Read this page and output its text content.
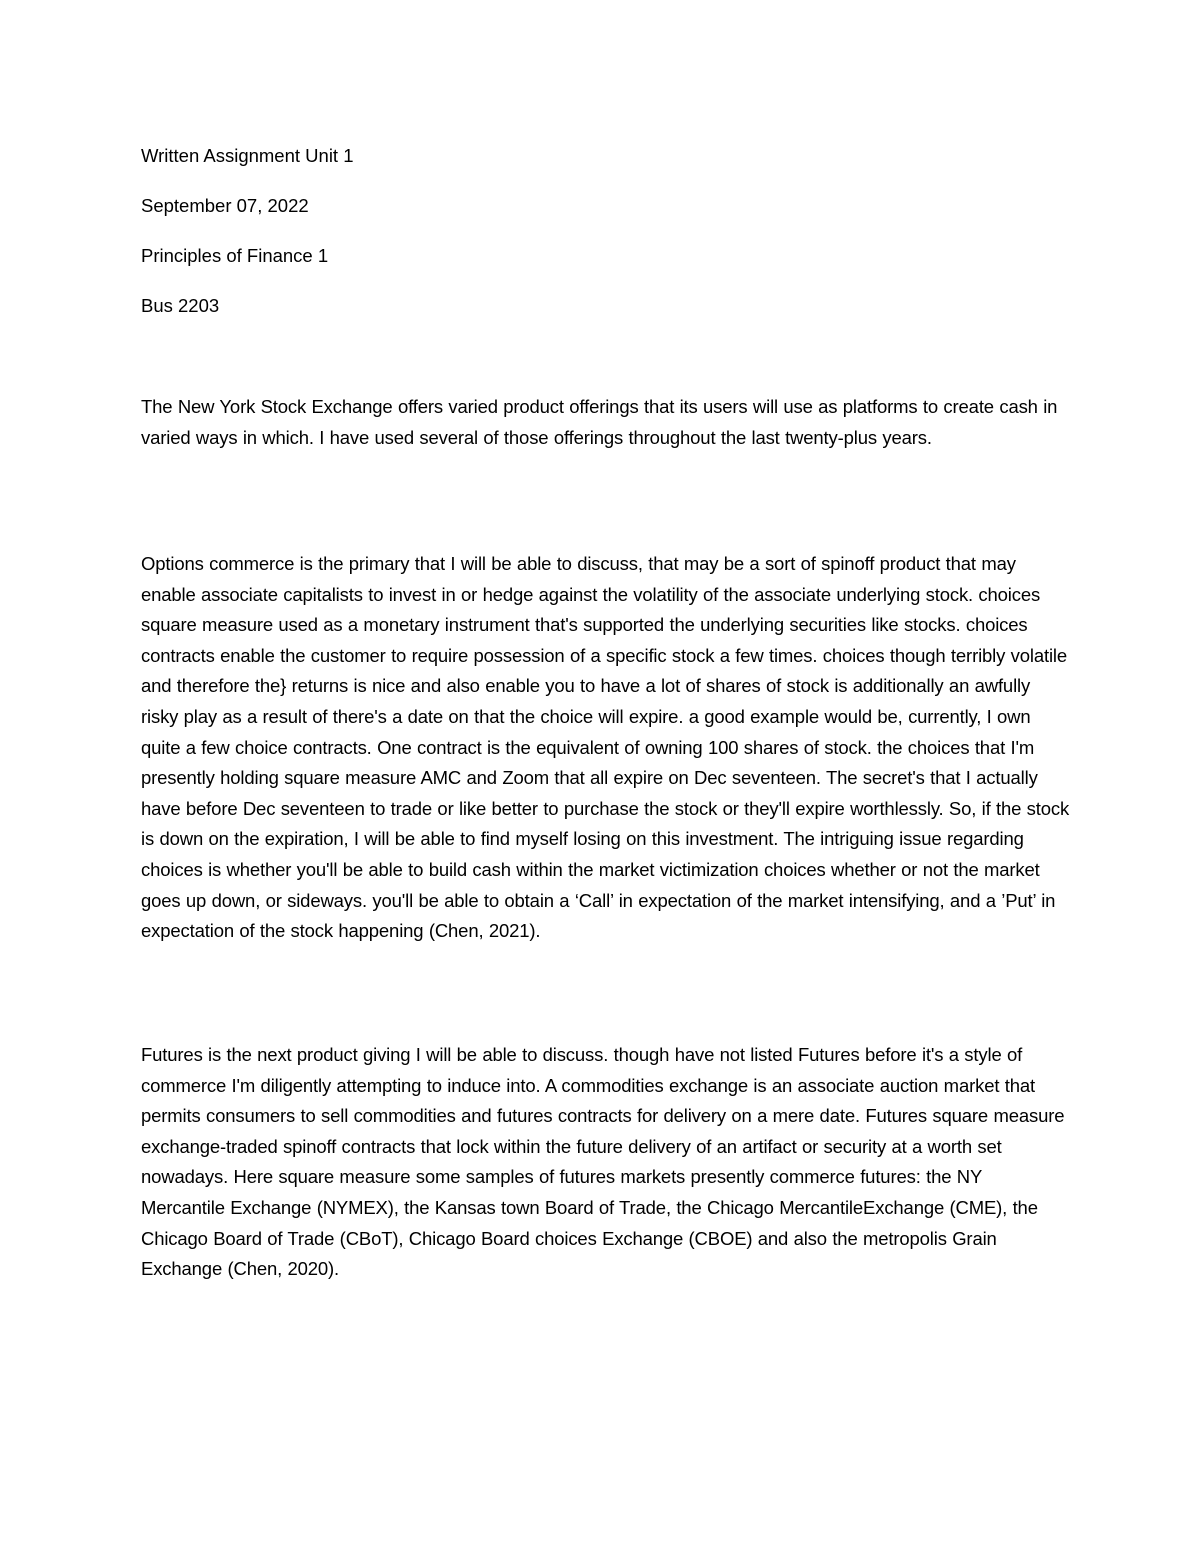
Written Assignment Unit 1

September 07, 2022

Principles of Finance 1

Bus 2203

The New York Stock Exchange offers varied product offerings that its users will use as platforms to create cash in varied ways in which. I have used several of those offerings throughout the last twenty-plus years.

Options commerce is the primary that I will be able to discuss, that may be a sort of spinoff product that may enable associate capitalists to invest in or hedge against the volatility of the associate underlying stock. choices square measure used as a monetary instrument that's supported the underlying securities like stocks. choices contracts enable the customer to require possession of a specific stock a few times. choices though terribly volatile and therefore the} returns is nice and also enable you to have a lot of shares of stock is additionally an awfully risky play as a result of there's a date on that the choice will expire. a good example would be, currently, I own quite a few choice contracts. One contract is the equivalent of owning 100 shares of stock. the choices that I'm presently holding square measure AMC and Zoom that all expire on Dec seventeen. The secret's that I actually have before Dec seventeen to trade or like better to purchase the stock or they'll expire worthlessly. So, if the stock is down on the expiration, I will be able to find myself losing on this investment. The intriguing issue regarding choices is whether you'll be able to build cash within the market victimization choices whether or not the market goes up down, or sideways. you'll be able to obtain a ‘Call’ in expectation of the market intensifying, and a ’Put’ in expectation of the stock happening (Chen, 2021).

Futures is the next product giving I will be able to discuss. though have not listed Futures before it's a style of commerce I'm diligently attempting to induce into. A commodities exchange is an associate auction market that permits consumers to sell commodities and futures contracts for delivery on a mere date. Futures square measure exchange-traded spinoff contracts that lock within the future delivery of an artifact or security at a worth set nowadays. Here square measure some samples of futures markets presently commerce futures: the NY Mercantile Exchange (NYMEX), the Kansas town Board of Trade, the Chicago MercantileExchange (CME), the Chicago Board of Trade (CBoT), Chicago Board choices Exchange (CBOE) and also the metropolis Grain Exchange (Chen, 2020).
